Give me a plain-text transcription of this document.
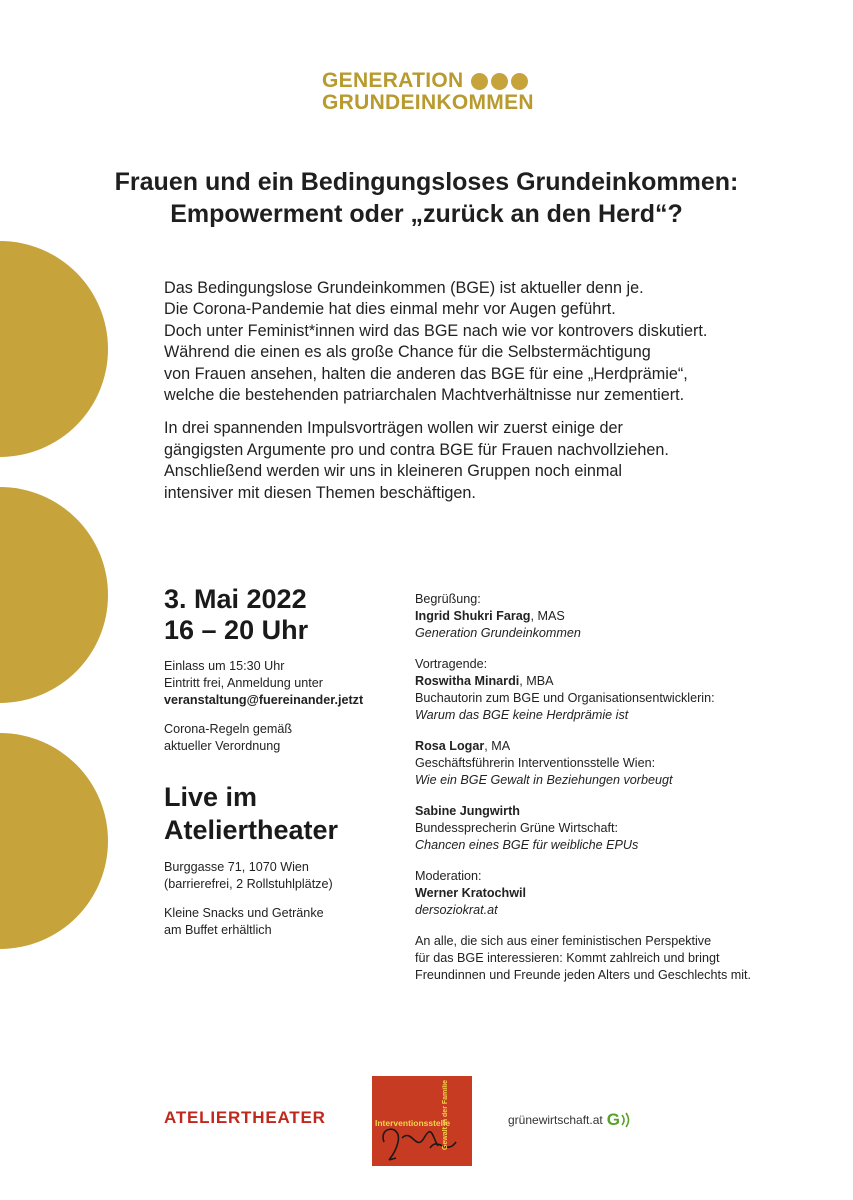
GENERATION
GRUNDEINKOMMEN
Frauen und ein Bedingungsloses Grundeinkommen:
Empowerment oder „zurück an den Herd“?

Das Bedingungslose Grundeinkommen (BGE) ist aktueller denn je.
Die Corona-Pandemie hat dies einmal mehr vor Augen geführt.
Doch unter Feminist*innen wird das BGE nach wie vor kontrovers diskutiert.
Während die einen es als große Chance für die Selbstermächtigung
von Frauen ansehen, halten die anderen das BGE für eine „Herdprämie“,
welche die bestehenden patriarchalen Machtverhältnisse nur zementiert.

In drei spannenden Impulsvorträgen wollen wir zuerst einige der
gängigsten Argumente pro und contra BGE für Frauen nachvollziehen.
Anschließend werden wir uns in kleineren Gruppen noch einmal
intensiver mit diesen Themen beschäftigen.

3. Mai 2022
16 – 20 Uhr
Einlass um 15:30 Uhr
Eintritt frei, Anmeldung unter
veranstaltung@fuereinander.jetzt
Corona-Regeln gemäß
aktueller Verordnung
Live im
Ateliertheater
Burggasse 71, 1070 Wien
(barrierefrei, 2 Rollstuhlplätze)
Kleine Snacks und Getränke
am Buffet erhältlich
Begrüßung:
Ingrid Shukri Farag, MAS
Generation Grundeinkommen
Vortragende:
Roswitha Minardi, MBA
Buchautorin zum BGE und Organisationsentwicklerin:
Warum das BGE keine Herdprämie ist
Rosa Logar, MA
Geschäftsführerin Interventionsstelle Wien:
Wie ein BGE Gewalt in Beziehungen vorbeugt
Sabine Jungwirth
Bundessprecherin Grüne Wirtschaft:
Chancen eines BGE für weibliche EPUs
Moderation:
Werner Kratochwil
dersoziokrat.at
An alle, die sich aus einer feministischen Perspektive
für das BGE interessieren: Kommt zahlreich und bringt
Freundinnen und Freunde jeden Alters und Geschlechts mit.
ATELIERTHEATER	Interventionsstelle
Gewalt in der Familie	grünewirtschaft.at G
